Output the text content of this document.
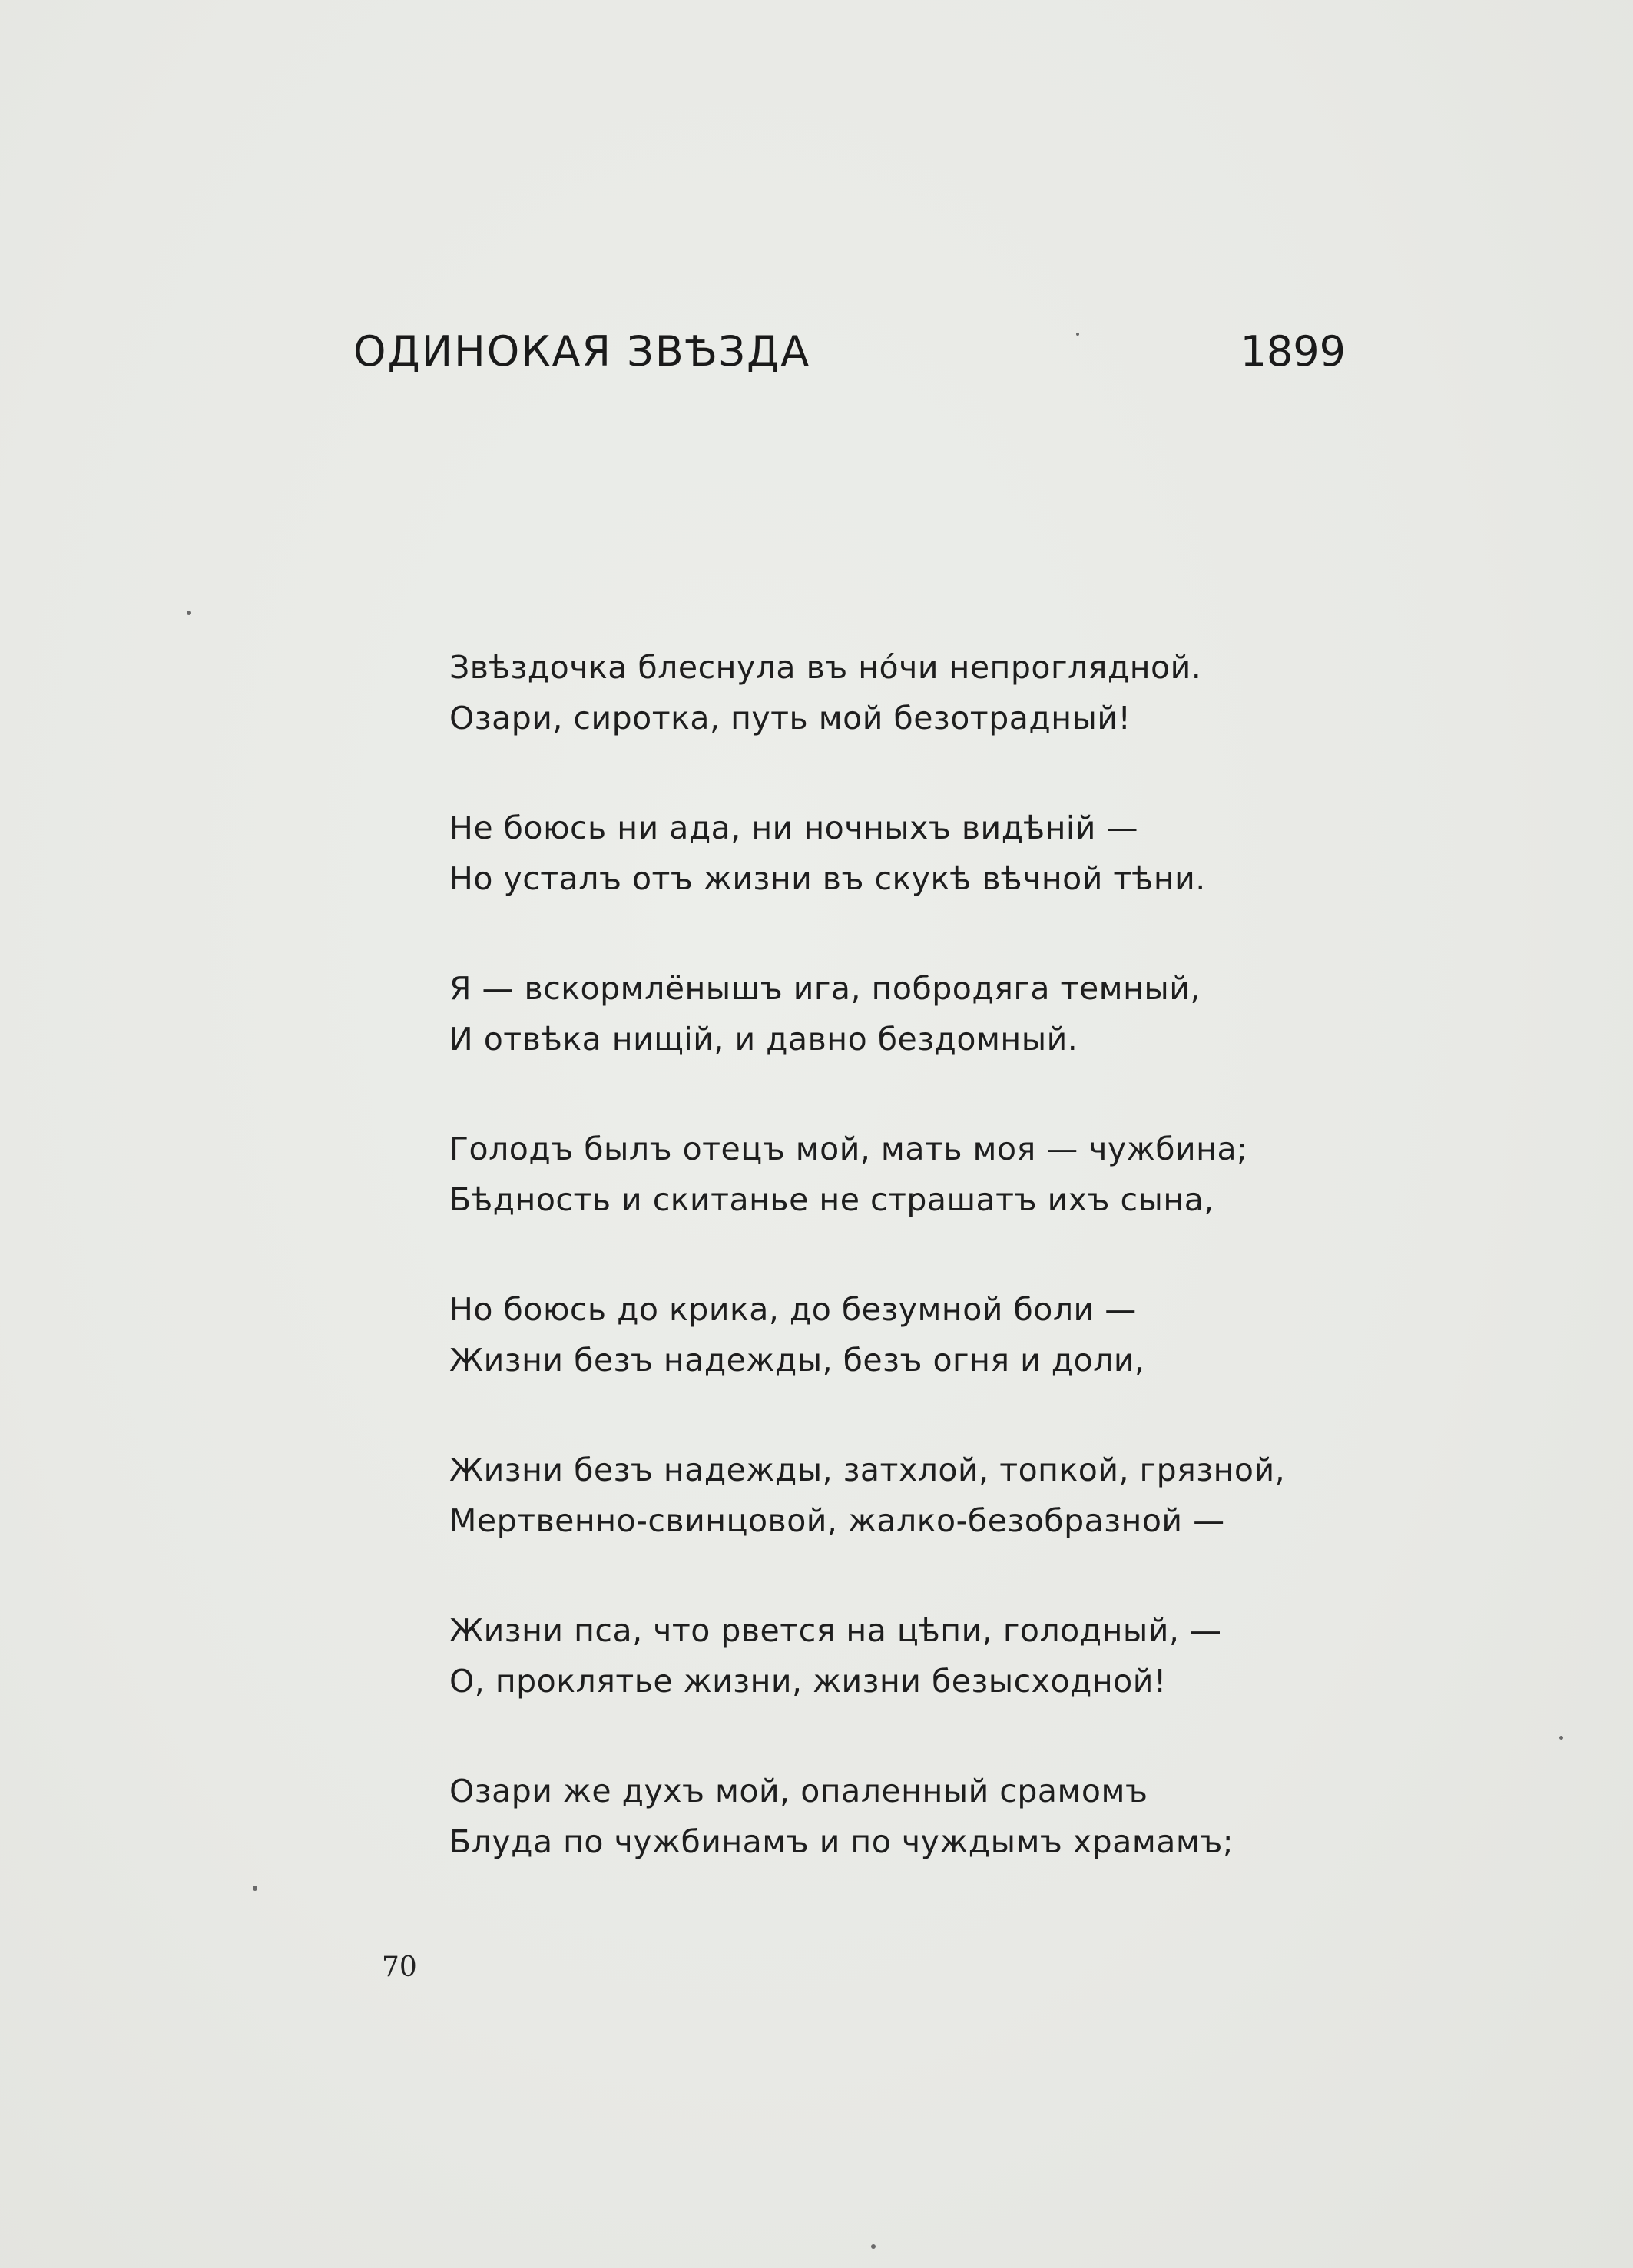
ОДИНОКАЯ ЗВѢЗДА	1899
Звѣздочка блеснула въ нóчи непроглядной.
Озари, сиротка, путь мой безотрадный!
Не боюсь ни ада, ни ночныхъ видѣній —
Но усталъ отъ жизни въ скукѣ вѣчной тѣни.
Я — вскормлёнышъ ига, побродяга темный,
И отвѣка нищій, и давно бездомный.
Голодъ былъ отецъ мой, мать моя — чужбина;
Бѣдность и скитанье не страшатъ ихъ сына,
Но боюсь до крика, до безумной боли —
Жизни безъ надежды, безъ огня и доли,
Жизни безъ надежды, затхлой, топкой, грязной,
Мертвенно-свинцовой, жалко-безобразной —
Жизни пса, что рвется на цѣпи, голодный, —
О, проклятье жизни, жизни безысходной!
Озари же духъ мой, опаленный срамомъ
Блуда по чужбинамъ и по чуждымъ храмамъ;
70
